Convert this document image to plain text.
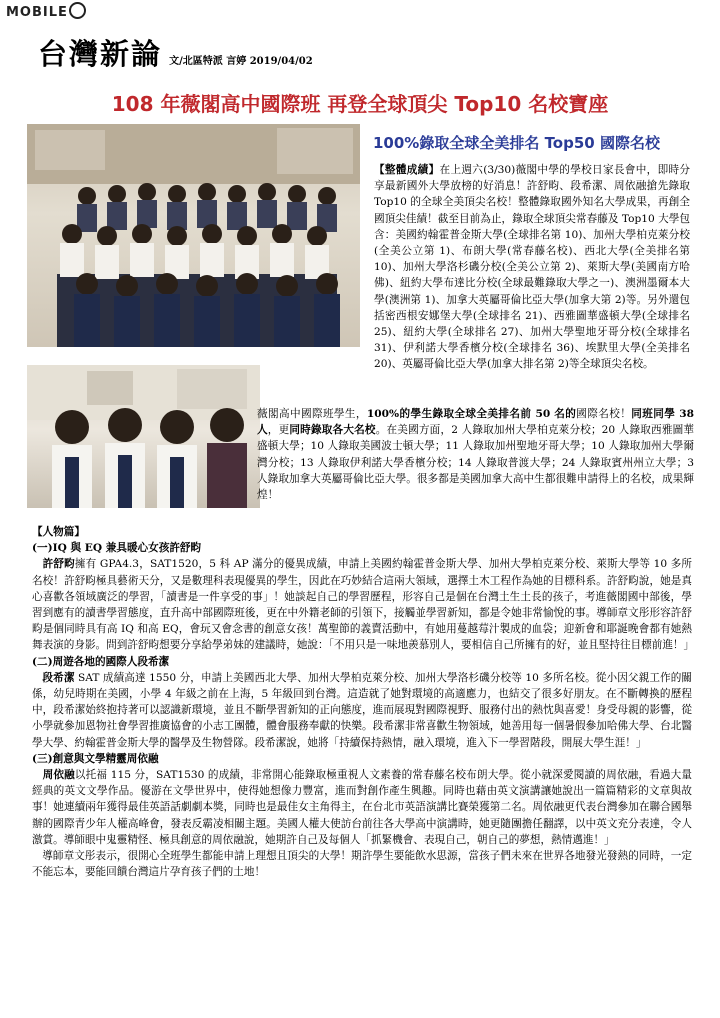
MOBILE
台灣新論 文/北區特派 言婷 2019/04/02
108 年薇閣高中國際班 再登全球頂尖 Top10 名校寶座
100%錄取全球全美排名 Top50 國際名校
【整體成績】在上週六(3/30)薇閣中學的學校日家長會中，即時分享最新國外大學放榜的好消息！許舒畇、段希潔、周依融搶先錄取 Top10 的全球全美頂尖名校！整體錄取國外知名大學成果，再創全國頂尖佳績！截至目前為止，錄取全球頂尖常春藤及 Top10 大學包含：美國約翰霍普金斯大學(全球排名第 10)、加州大學柏克萊分校(全美公立第 1)、布朗大學(常春藤名校)、西北大學(全美排名第 10)、加州大學洛杉磯分校(全美公立第 2)、萊斯大學(美國南方哈佛)、紐約大學布達比分校(全球最難錄取大學之一)、澳洲墨爾本大學(澳洲第 1)、加拿大英屬哥倫比亞大學(加拿大第 2)等。另外還包括密西根安娜堡大學(全球排名 21)、西雅圖華盛頓大學(全球排名 25)、紐約大學(全球排名 27)、加州大學聖地牙哥分校(全球排名 31)、伊利諾大學香檳分校(全球排名 36)、埃默里大學(全美排名 20)、英屬哥倫比亞大學(加拿大排名第 2)等全球頂尖名校。
薇閣高中國際班學生，100%的學生錄取全球全美排名前 50 名的國際名校！同班同學 38 人，更同時錄取各大名校。在美國方面，2 人錄取加州大學柏克萊分校；20 人錄取西雅圖華盛頓大學；10 人錄取美國波士頓大學；11 人錄取加州聖地牙哥大學；10 人錄取加州大學爾灣分校；13 人錄取伊利諾大學香檳分校；14 人錄取普渡大學；24 人錄取賓州州立大學；3 人錄取加拿大英屬哥倫比亞大學。很多都是美國加拿大高中生都很難申請得上的名校，成果輝煌！
【人物篇】
(一)IQ 與 EQ 兼具暖心女孩許舒畇
許舒畇擁有 GPA4.3，SAT1520，5 科 AP 滿分的優異成績，申請上美國約翰霍普金斯大學、加州大學柏克萊分校、萊斯大學等 10 多所名校！許舒畇極具藝術天分，又是數理科表現優異的學生，因此在巧妙結合這兩大領域，選擇土木工程作為她的目標科系。許舒畇說，她是真心喜歡各領域廣泛的學習，「讀書是一件享受的事」！她談起自己的學習歷程，形容自己是個在台灣土生土長的孩子，考進薇閣國中部後，學習到應有的讀書學習態度，直升高中部國際班後，更在中外籍老師的引領下，接觸並學習新知，都是令她非常愉悅的事。導師章文彤形容許舒畇是個同時具有高 IQ 和高 EQ，會玩又會念書的創意女孩！萬聖節的義賣活動中，有她用蔓越莓汁製成的血袋；迎新會和耶誕晚會都有她熱舞表演的身影。問到許舒畇想要分享給學弟妹的建議時，她說：「不用只是一味地羨慕別人，要相信自己所擁有的好，並且堅持往目標前進！」
(二)周遊各地的國際人段希潔
段希潔 SAT 成績高達 1550 分，申請上美國西北大學、加州大學柏克萊分校、加州大學洛杉磯分校等 10 多所名校。從小因父親工作的關係，幼兒時期在美國，小學 4 年級之前在上海，5 年級回到台灣。這造就了她對環境的高適應力，也結交了很多好朋友。在不斷轉換的歷程中，段希潔始終抱持著可以認識新環境，並且不斷學習新知的正向態度，進而展現對國際視野、服務付出的熱忱與喜愛！身受母親的影響，從小學就參加恩物社會學習推廣協會的小志工團體，體會服務奉獻的快樂。段希潔非常喜歡生物領域，她善用每一個暑假參加哈佛大學、台北醫學大學、約翰霍普金斯大學的醫學及生物營隊。段希潔說，她將「持續保持熱情，融入環境，進入下一學習階段，開展大學生涯！」
(三)創意與文學精靈周依融
周依融以托福 115 分，SAT1530 的成績，非常開心能錄取極重視人文素養的常春藤名校布朗大學。從小就深愛閱讀的周依融，看過大量經典的英文文學作品。優游在文學世界中，使得她想像力豐富，進而對創作產生興趣。同時也藉由英文演講讓她說出一篇篇精彩的文章與故事！她連續兩年獲得最佳英語話劇劇本獎，同時也是最佳女主角得主，在台北市英語演講比賽榮獲第二名。周依融更代表台灣參加在聯合國舉辦的國際青少年人權高峰會，發表反霸凌相關主題。美國人權大使訪台前往各大學高中演講時，她更隨團擔任翻譯，以中英文充分表達，令人激賞。導師眼中鬼靈精怪、極具創意的周依融說，她期許自己及每個人「抓緊機會、表現自己，朝自己的夢想，熱情邁進！」
導師章文彤表示，很開心全班學生都能申請上理想且頂尖的大學！期許學生要能飲水思源，當孩子們未來在世界各地發光發熱的同時，一定不能忘本，要能回饋台灣這片孕育孩子們的土地！
